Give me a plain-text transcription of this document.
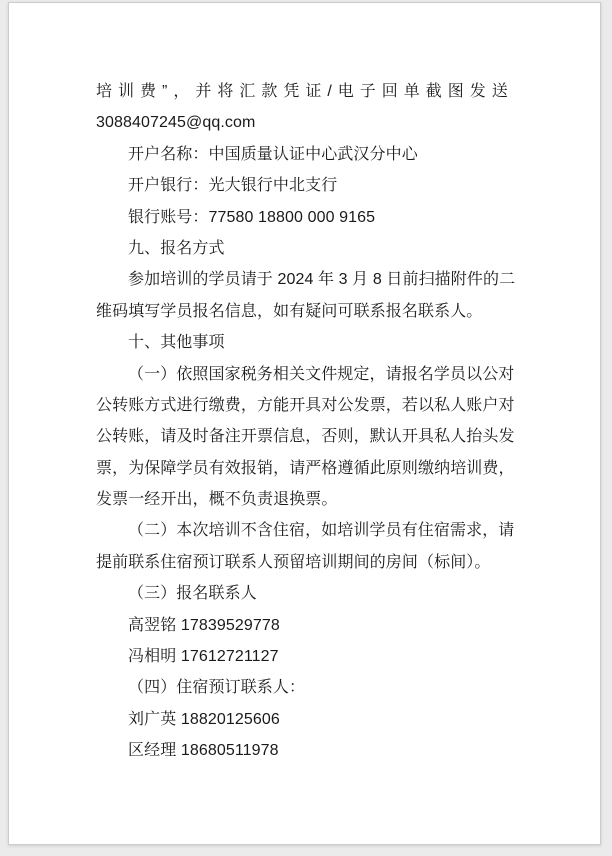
培训费”，并将汇款凭证/电子回单截图发送
3088407245@qq.com
开户名称：中国质量认证中心武汉分中心
开户银行：光大银行中北支行
银行账号：77580 18800 000 9165
九、报名方式
参加培训的学员请于 2024 年 3 月 8 日前扫描附件的二
维码填写学员报名信息，如有疑问可联系报名联系人。
十、其他事项
（一）依照国家税务相关文件规定，请报名学员以公对
公转账方式进行缴费，方能开具对公发票，若以私人账户对
公转账，请及时备注开票信息，否则，默认开具私人抬头发
票，为保障学员有效报销，请严格遵循此原则缴纳培训费，
发票一经开出，概不负责退换票。
（二）本次培训不含住宿，如培训学员有住宿需求，请
提前联系住宿预订联系人预留培训期间的房间（标间）。
（三）报名联系人
高翌铭 17839529778
冯相明 17612721127
（四）住宿预订联系人：
刘广英 18820125606
区经理 18680511978
